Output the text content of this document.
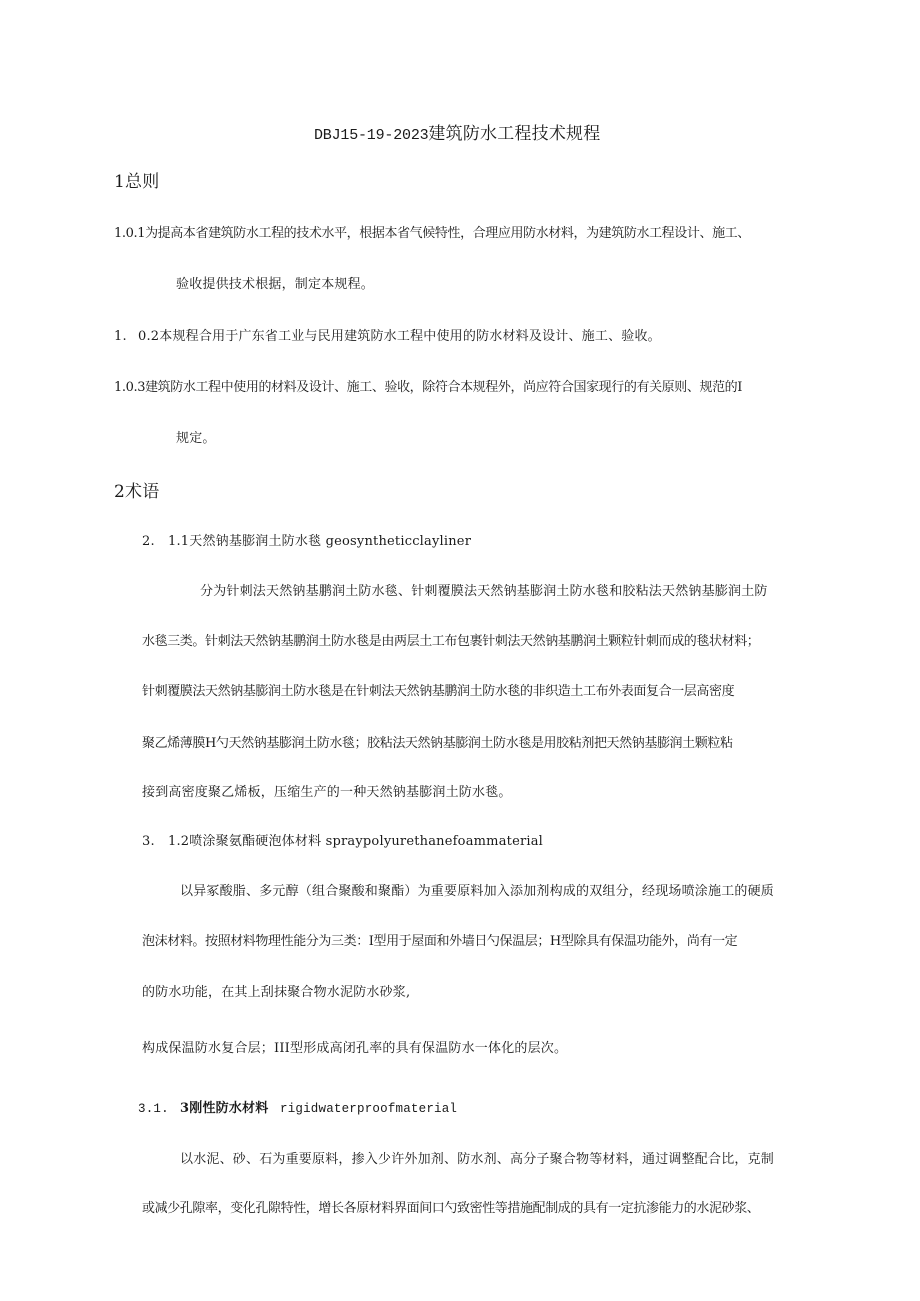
DBJ15-19-2023建筑防水工程技术规程
1总则
1.0.1为提高本省建筑防水工程的技术水平，根据本省气候特性，合理应用防水材料，为建筑防水工程设计、施工、
验收提供技术根据，制定本规程。
1. 0.2本规程合用于广东省工业与民用建筑防水工程中使用的防水材料及设计、施工、验收。
1.0.3建筑防水工程中使用的材料及设计、施工、验收，除符合本规程外，尚应符合国家现行的有关原则、规范的I
规定。
2术语
2. 1.1天然钠基膨润土防水毯 geosyntheticclayliner
分为针刺法天然钠基鹏润土防水毯、针刺覆膜法天然钠基膨润土防水毯和胶粘法天然钠基膨润土防
水毯三类。针刺法天然钠基鹏润土防水毯是由两层土工布包裹针刺法天然钠基鹏润土颗粒针刺而成的毯状材料；
针刺覆膜法天然钠基膨润土防水毯是在针刺法天然钠基鹏润土防水毯的非织造土工布外表面复合一层高密度
聚乙烯薄膜H勺天然钠基膨润土防水毯；胶粘法天然钠基膨润土防水毯是用胶粘剂把天然钠基膨润土颗粒粘
接到高密度聚乙烯板，压缩生产的一种天然钠基膨润土防水毯。
3. 1.2喷涂聚氨酯硬泡体材料 spraypolyurethanefoammaterial
以异冢酸脂、多元醇（组合聚酸和聚酯）为重要原料加入添加剂构成的双组分，经现场喷涂施工的硬质
泡沫材料。按照材料物理性能分为三类：I型用于屋面和外墙日勺保温层；H型除具有保温功能外，尚有一定
的防水功能，在其上刮抹聚合物水泥防水砂浆,
构成保温防水复合层；III型形成高闭孔率的具有保温防水一体化的层次。
3.1. 3刚性防水材料 rigidwaterproofmaterial
以水泥、砂、石为重要原料，掺入少许外加剂、防水剂、高分子聚合物等材料，通过调整配合比，克制
或减少孔隙率，变化孔隙特性，增长各原材料界面间口勺致密性等措施配制成的具有一定抗渗能力的水泥砂浆、
